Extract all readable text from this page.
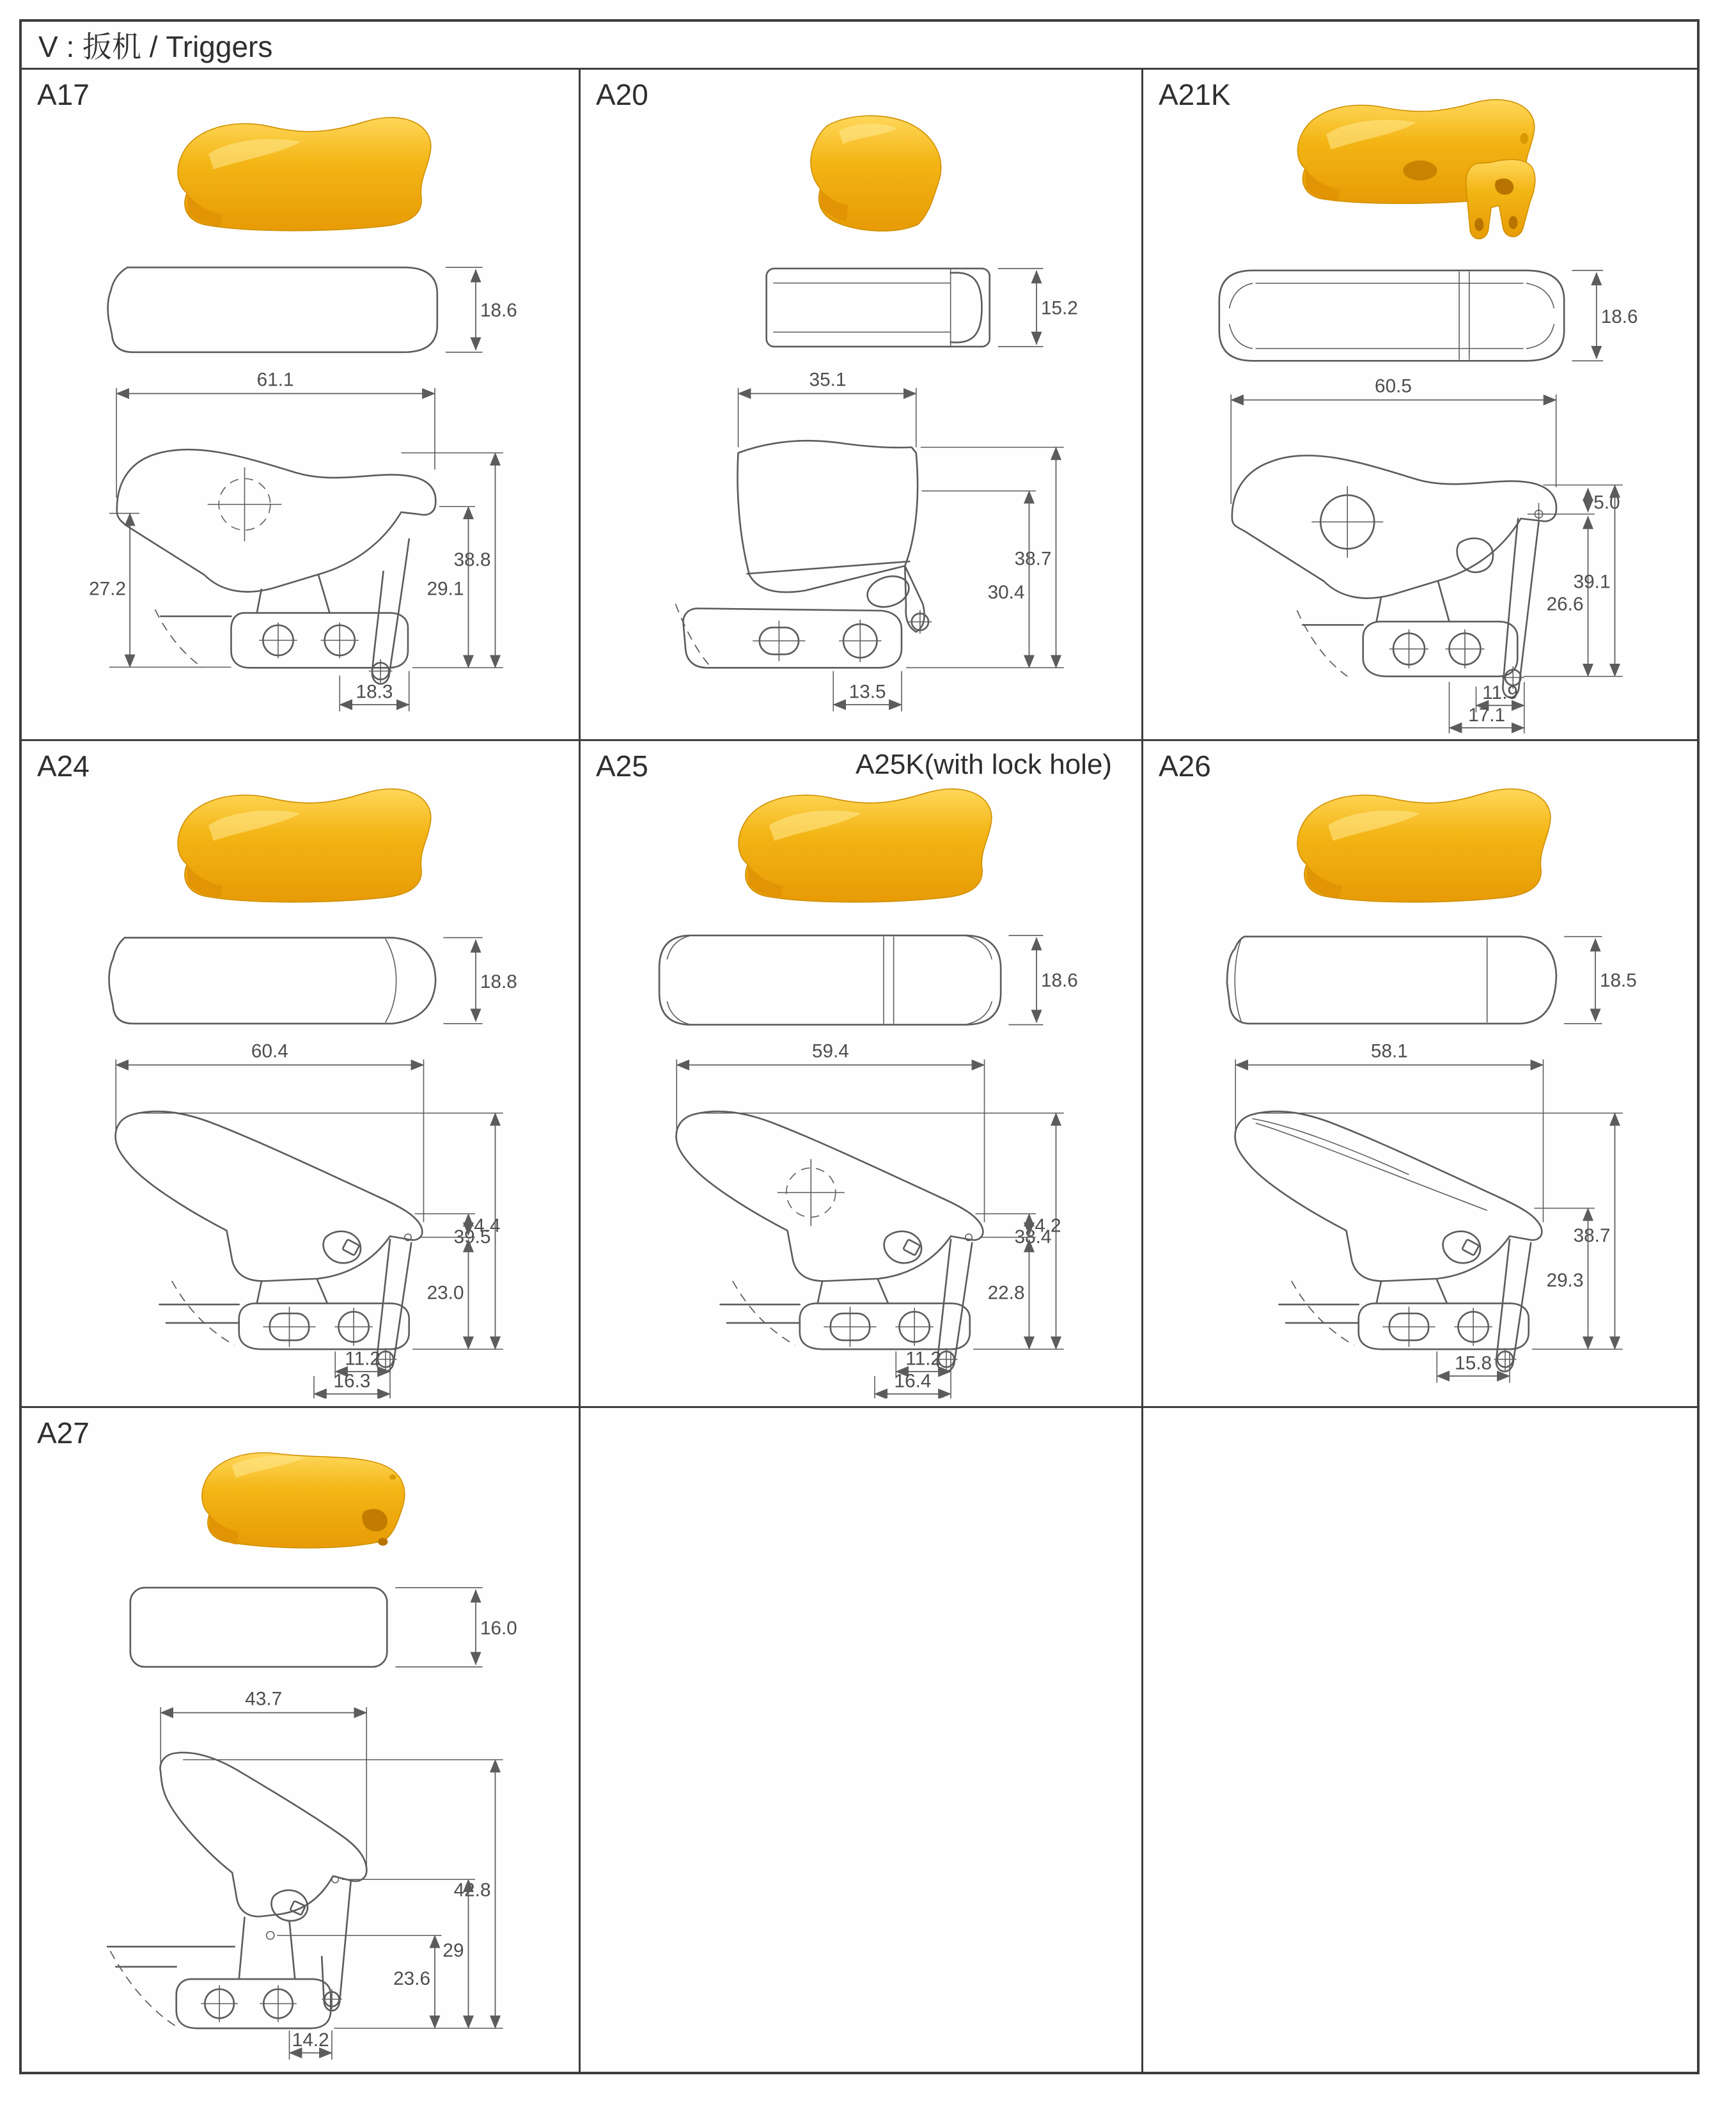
V : 扳机 / Triggers
A17
18.6
61.1
27.2
38.8
29.1
18.3
A20
15.2
35.1
38.7
30.4
13.5
A21K
18.6
60.5
5.0
26.6
39.1
11.9
17.1
A24
18.8
60.4
39.5
4.4
23.0
11.2
16.3
A25	A25K(with lock hole)
18.6
59.4
38.4
4.2
22.8
11.2
16.4
A26
18.5
58.1
38.7
29.3
15.8
A27
16.0
43.7
42.8
29
23.6
14.2
